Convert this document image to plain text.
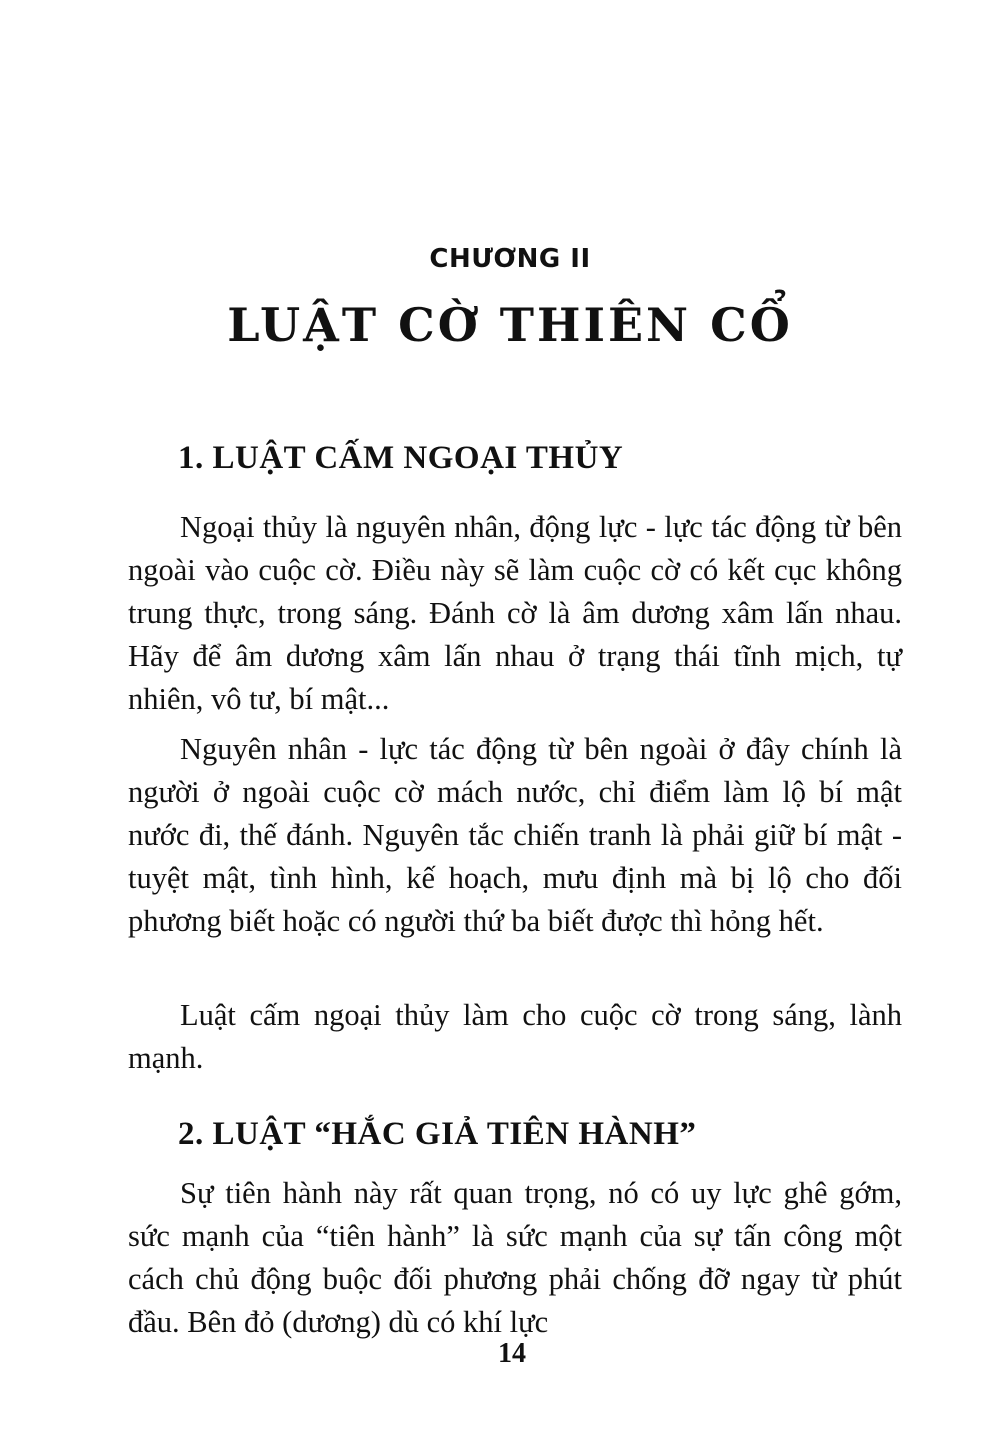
CHƯƠNG II
LUẬT CỜ THIÊN CỔ
1. LUẬT CẤM NGOẠI THỦY

Ngoại thủy là nguyên nhân, động lực - lực tác động từ bên ngoài vào cuộc cờ. Điều này sẽ làm cuộc cờ có kết cục không trung thực, trong sáng. Đánh cờ là âm dương xâm lấn nhau. Hãy để âm dương xâm lấn nhau ở trạng thái tĩnh mịch, tự nhiên, vô tư, bí mật...

Nguyên nhân - lực tác động từ bên ngoài ở đây chính là người ở ngoài cuộc cờ mách nước, chỉ điểm làm lộ bí mật nước đi, thế đánh. Nguyên tắc chiến tranh là phải giữ bí mật - tuyệt mật, tình hình, kế hoạch, mưu định mà bị lộ cho đối phương biết hoặc có người thứ ba biết được thì hỏng hết.

Luật cấm ngoại thủy làm cho cuộc cờ trong sáng, lành mạnh.

2. LUẬT “HẮC GIẢ TIÊN HÀNH”

Sự tiên hành này rất quan trọng, nó có uy lực ghê gớm, sức mạnh của “tiên hành” là sức mạnh của sự tấn công một cách chủ động buộc đối phương phải chống đỡ ngay từ phút đầu. Bên đỏ (dương) dù có khí lực

14
